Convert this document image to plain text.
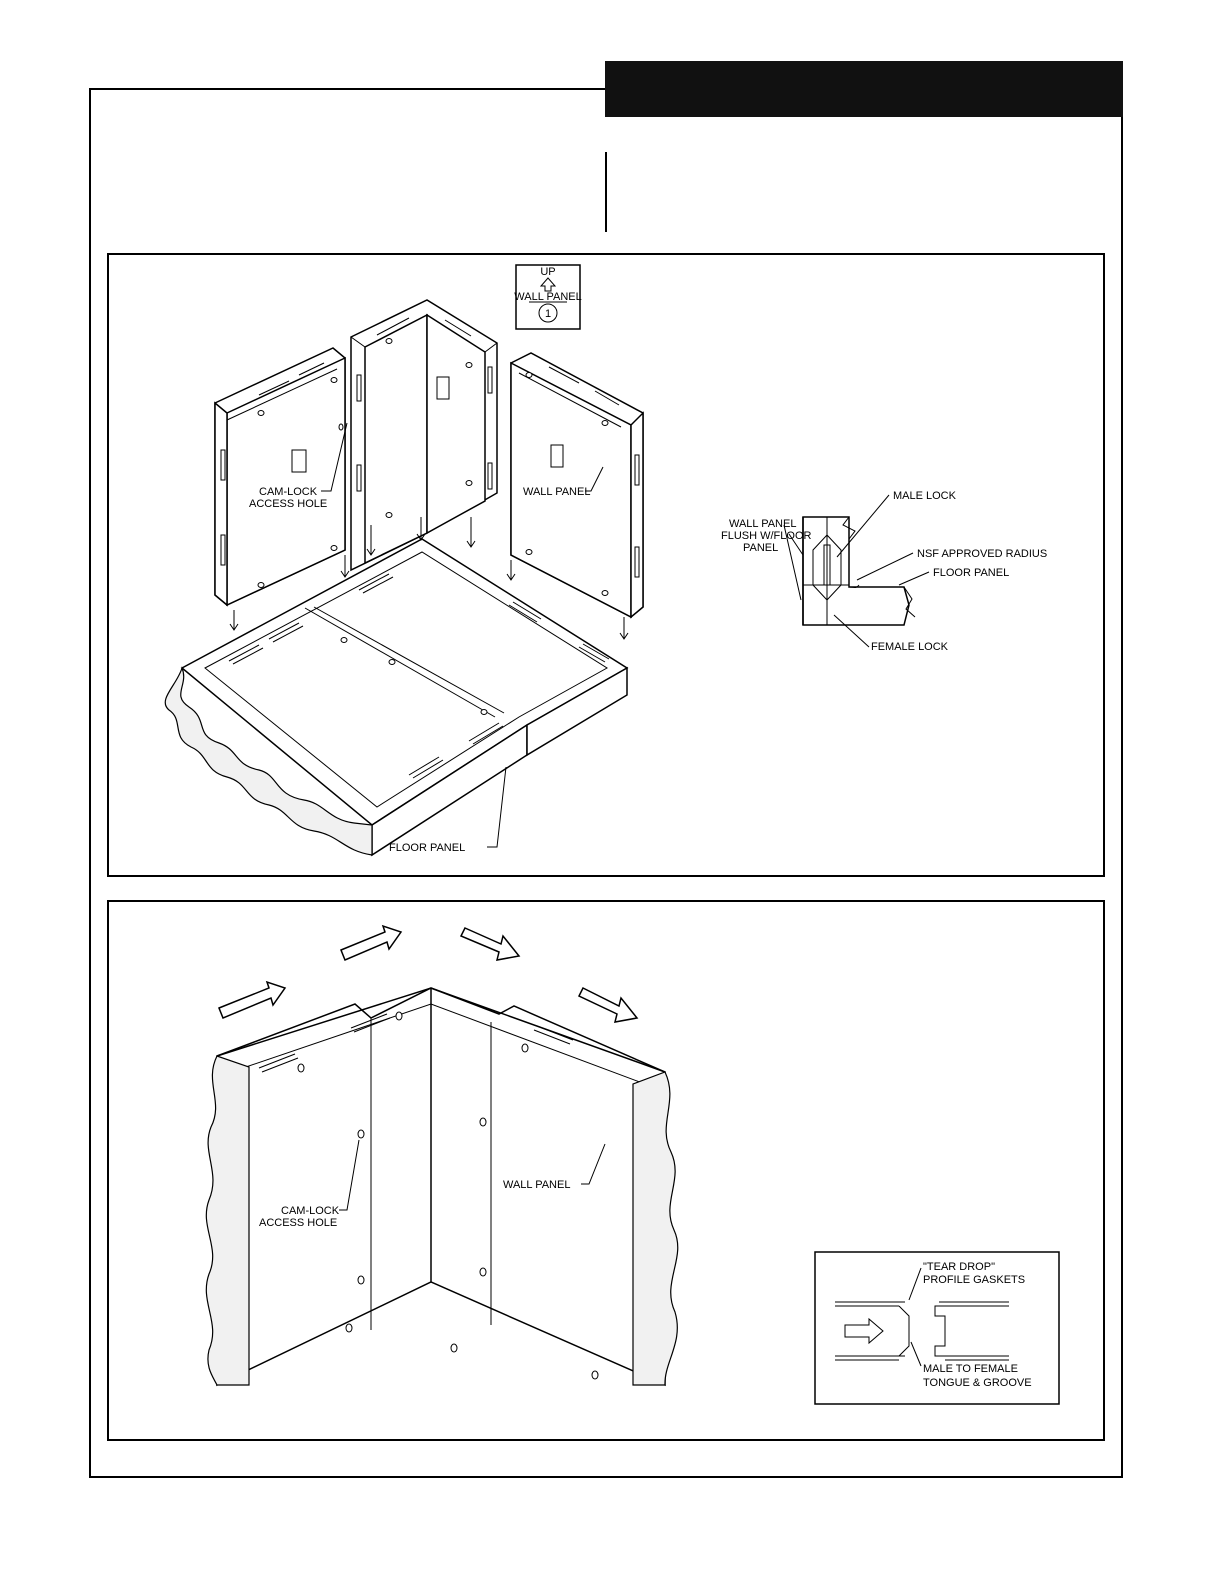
UP
WALL PANEL
1
CAM-LOCK
ACCESS HOLE
WALL PANEL
FLOOR PANEL
WALL PANEL
FLUSH W/FLOOR
PANEL
MALE LOCK
NSF APPROVED RADIUS
FLOOR PANEL
FEMALE LOCK
CAM-LOCK
ACCESS HOLE
WALL PANEL
"TEAR DROP"
PROFILE GASKETS
MALE TO FEMALE
TONGUE & GROOVE
